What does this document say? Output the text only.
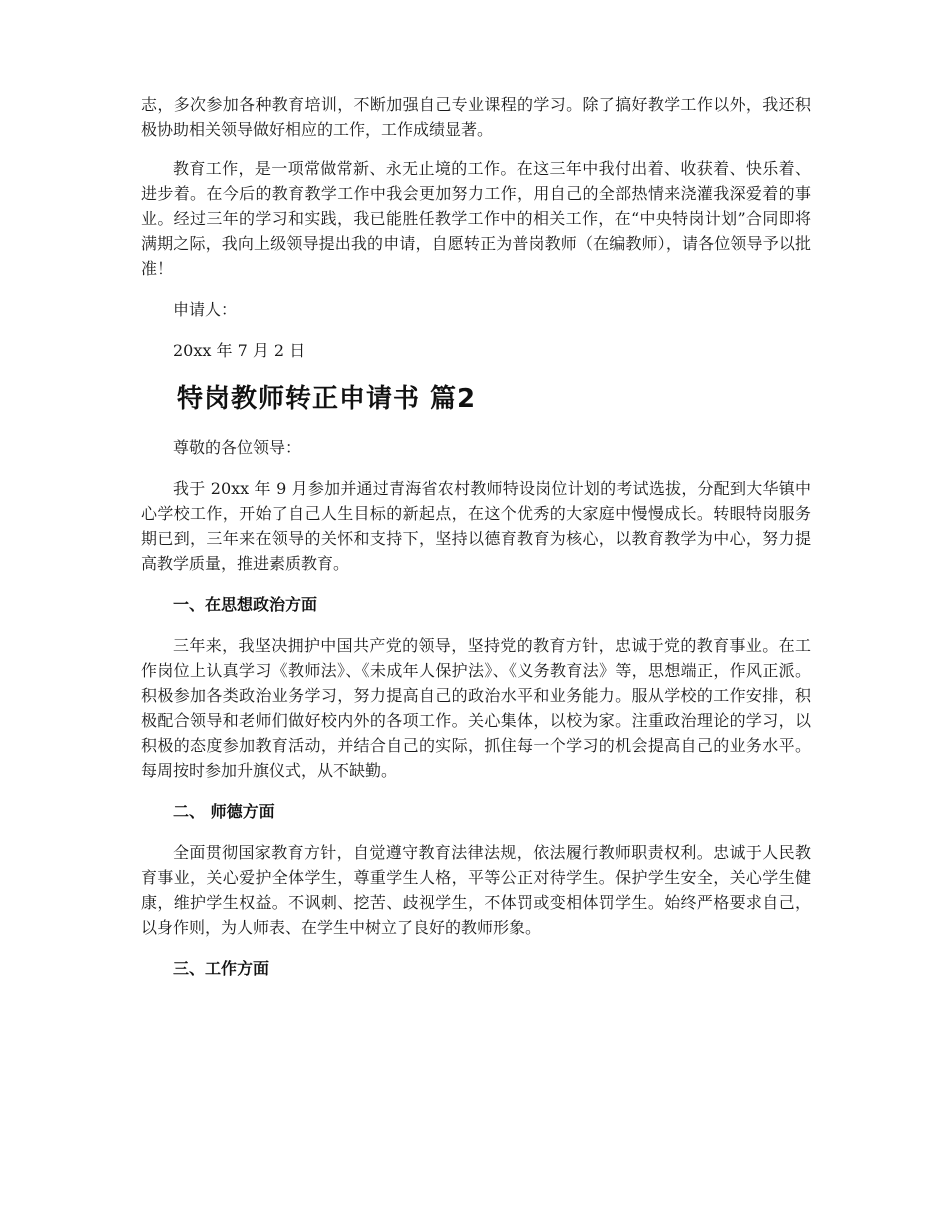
志，多次参加各种教育培训，不断加强自己专业课程的学习。除了搞好教学工作以外，我还积极协助相关领导做好相应的工作，工作成绩显著。

教育工作，是一项常做常新、永无止境的工作。在这三年中我付出着、收获着、快乐着、进步着。在今后的教育教学工作中我会更加努力工作，用自己的全部热情来浇灌我深爱着的事业。经过三年的学习和实践，我已能胜任教学工作中的相关工作，在“中央特岗计划”合同即将满期之际，我向上级领导提出我的申请，自愿转正为普岗教师（在编教师），请各位领导予以批准！

申请人：

20xx 年 7 月 2 日

特岗教师转正申请书 篇2

尊敬的各位领导：

我于 20xx 年 9 月参加并通过青海省农村教师特设岗位计划的考试选拔，分配到大华镇中心学校工作，开始了自己人生目标的新起点，在这个优秀的大家庭中慢慢成长。转眼特岗服务期已到，三年来在领导的关怀和支持下，坚持以德育教育为核心，以教育教学为中心，努力提高教学质量，推进素质教育。

一、在思想政治方面

三年来，我坚决拥护中国共产党的领导，坚持党的教育方针，忠诚于党的教育事业。在工作岗位上认真学习《教师法》、《未成年人保护法》、《义务教育法》等，思想端正，作风正派。积极参加各类政治业务学习，努力提高自己的政治水平和业务能力。服从学校的工作安排，积极配合领导和老师们做好校内外的各项工作。关心集体，以校为家。注重政治理论的学习，以积极的态度参加教育活动，并结合自己的实际，抓住每一个学习的机会提高自己的业务水平。每周按时参加升旗仪式，从不缺勤。

二、 师德方面

全面贯彻国家教育方针，自觉遵守教育法律法规，依法履行教师职责权利。忠诚于人民教育事业，关心爱护全体学生，尊重学生人格，平等公正对待学生。保护学生安全，关心学生健康，维护学生权益。不讽刺、挖苦、歧视学生，不体罚或变相体罚学生。始终严格要求自己，以身作则，为人师表、在学生中树立了良好的教师形象。

三、工作方面
